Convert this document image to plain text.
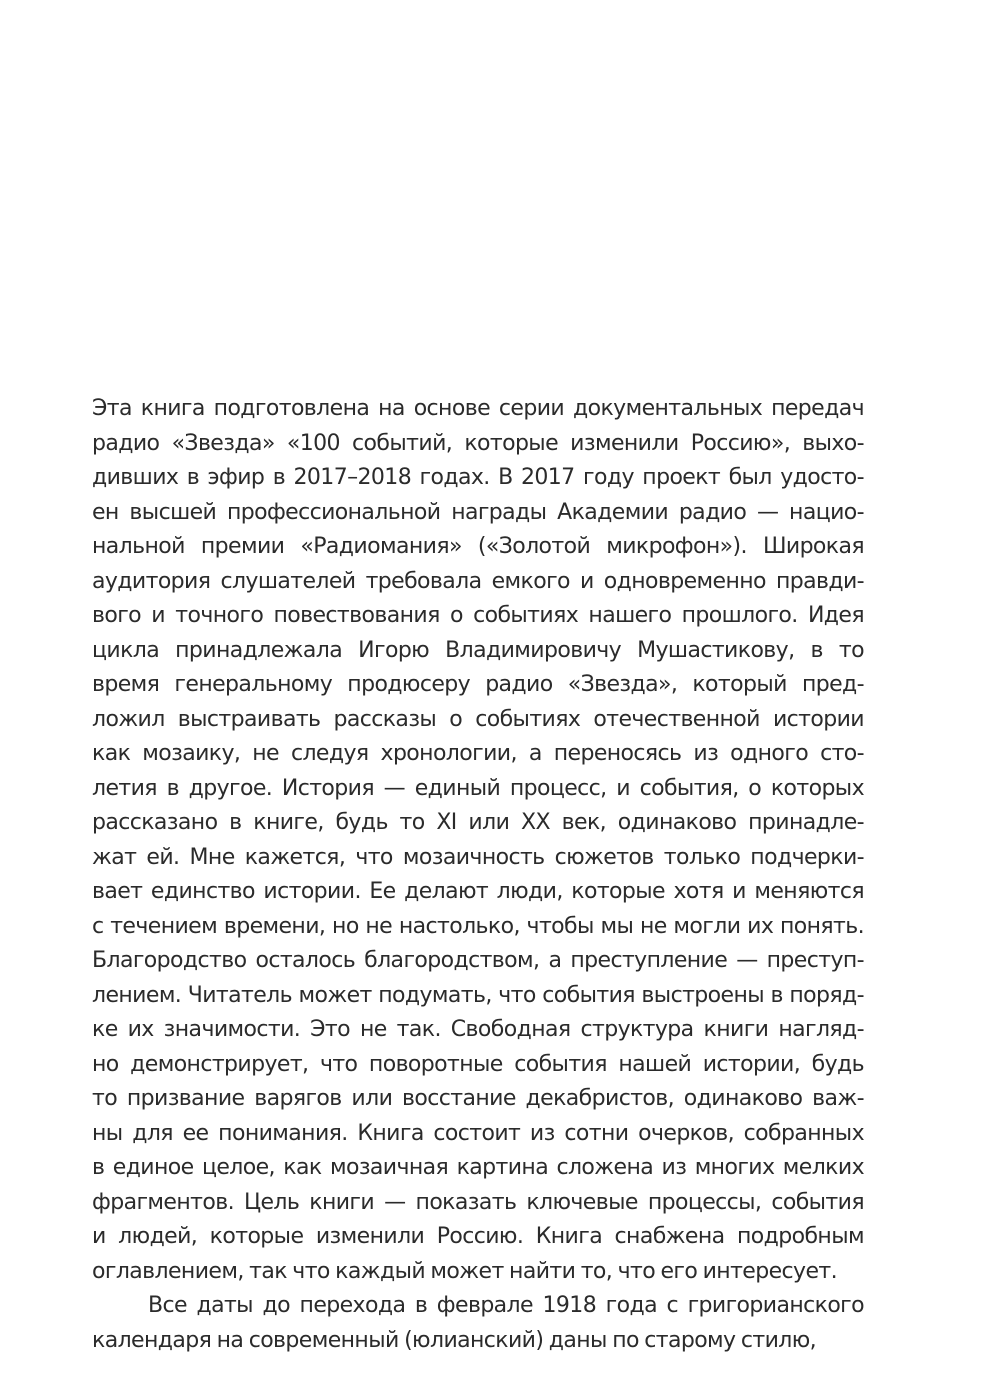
Эта книга подготовлена на основе серии документальных передач
радио «Звезда» «100 событий, которые изменили Россию», выхо-
дивших в эфир в 2017–2018 годах. В 2017 году проект был удосто-
ен высшей профессиональной награды Академии радио — нацио-
нальной премии «Радиомания» («Золотой микрофон»). Широкая
аудитория слушателей требовала емкого и одновременно правди-
вого и точного повествования о событиях нашего прошлого. Идея
цикла принадлежала Игорю Владимировичу Мушастикову, в то
время генеральному продюсеру радио «Звезда», который пред-
ложил выстраивать рассказы о событиях отечественной истории
как мозаику, не следуя хронологии, а переносясь из одного сто-
летия в другое. История — единый процесс, и события, о которых
рассказано в книге, будь то XI или XX век, одинаково принадле-
жат ей. Мне кажется, что мозаичность сюжетов только подчерки-
вает единство истории. Ее делают люди, которые хотя и меняются
с течением времени, но не настолько, чтобы мы не могли их понять.
Благородство осталось благородством, а преступление — преступ-
лением. Читатель может подумать, что события выстроены в поряд-
ке их значимости. Это не так. Свободная структура книги нагляд-
но демонстрирует, что поворотные события нашей истории, будь
то призвание варягов или восстание декабристов, одинаково важ-
ны для ее понимания. Книга состоит из сотни очерков, собранных
в единое целое, как мозаичная картина сложена из многих мелких
фрагментов. Цель книги — показать ключевые процессы, события
и людей, которые изменили Россию. Книга снабжена подробным
оглавлением, так что каждый может найти то, что его интересует.
Все даты до перехода в феврале 1918 года с григорианского
календаря на современный (юлианский) даны по старому стилю,
